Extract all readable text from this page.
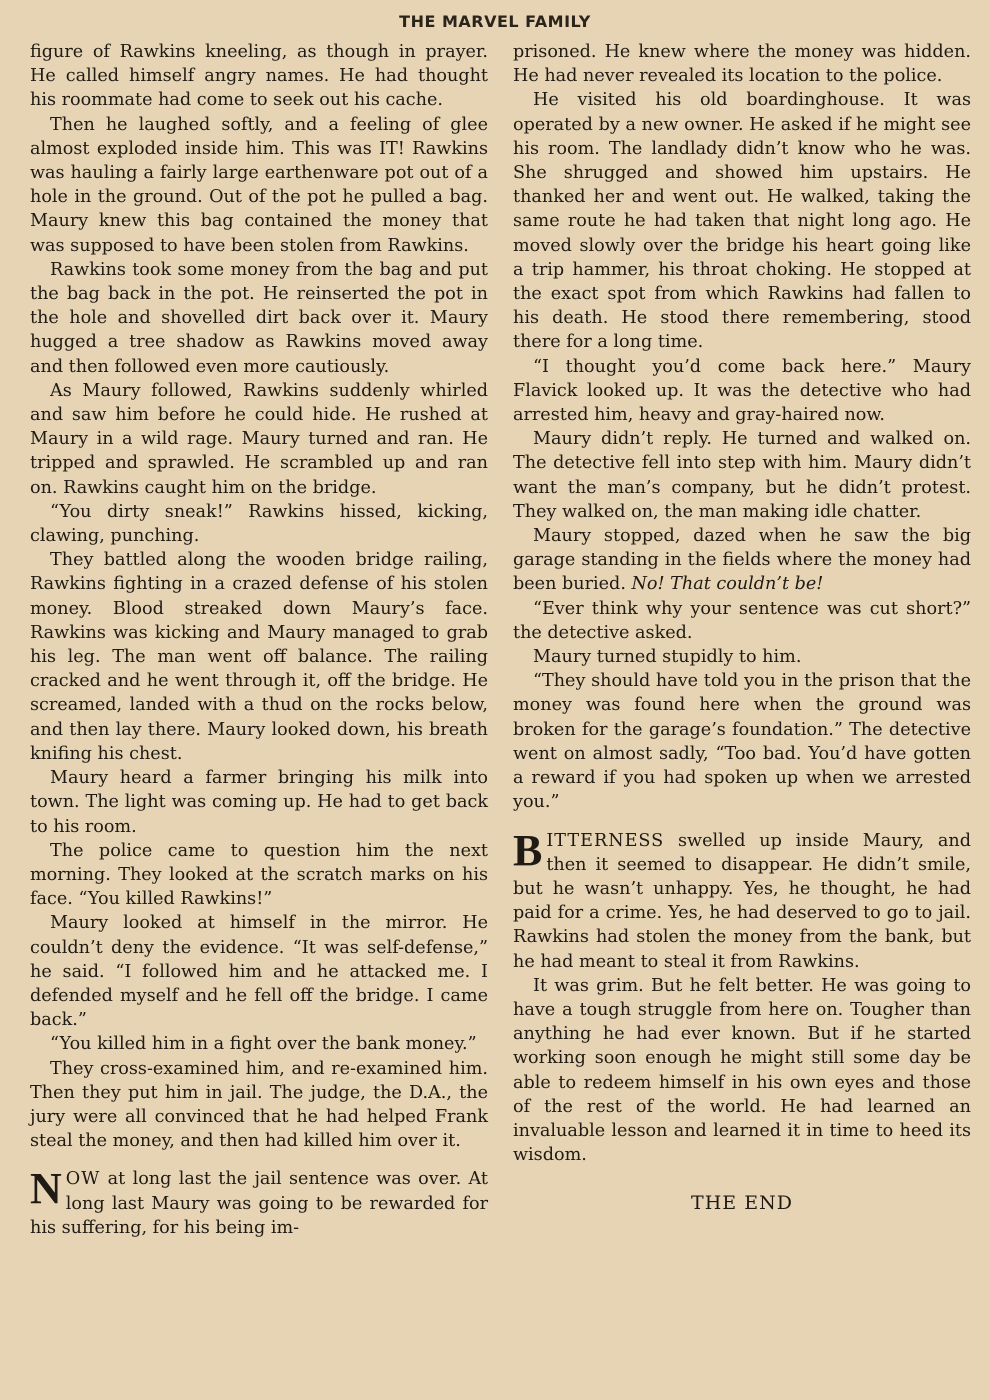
THE MARVEL FAMILY

figure of Rawkins kneeling, as though in prayer. He called himself angry names. He had thought his roommate had come to seek out his cache.

Then he laughed softly, and a feeling of glee almost exploded inside him. This was IT! Rawkins was hauling a fairly large earthenware pot out of a hole in the ground. Out of the pot he pulled a bag. Maury knew this bag contained the money that was supposed to have been stolen from Rawkins.

Rawkins took some money from the bag and put the bag back in the pot. He reinserted the pot in the hole and shovelled dirt back over it. Maury hugged a tree shadow as Rawkins moved away and then followed even more cautiously.

As Maury followed, Rawkins suddenly whirled and saw him before he could hide. He rushed at Maury in a wild rage. Maury turned and ran. He tripped and sprawled. He scrambled up and ran on. Rawkins caught him on the bridge.

“You dirty sneak!” Rawkins hissed, kicking, clawing, punching.

They battled along the wooden bridge railing, Rawkins fighting in a crazed defense of his stolen money. Blood streaked down Maury’s face. Rawkins was kicking and Maury managed to grab his leg. The man went off balance. The railing cracked and he went through it, off the bridge. He screamed, landed with a thud on the rocks below, and then lay there. Maury looked down, his breath knifing his chest.

Maury heard a farmer bringing his milk into town. The light was coming up. He had to get back to his room.

The police came to question him the next morning. They looked at the scratch marks on his face. “You killed Rawkins!”

Maury looked at himself in the mirror. He couldn’t deny the evidence. “It was self-defense,” he said. “I followed him and he attacked me. I defended myself and he fell off the bridge. I came back.”

“You killed him in a fight over the bank money.”

They cross-examined him, and re-examined him. Then they put him in jail. The judge, the D.A., the jury were all convinced that he had helped Frank steal the money, and then had killed him over it.

NOW at long last the jail sentence was over. At long last Maury was going to be rewarded for his suffering, for his being im-

prisoned. He knew where the money was hidden. He had never revealed its location to the police.

He visited his old boardinghouse. It was operated by a new owner. He asked if he might see his room. The landlady didn’t know who he was. She shrugged and showed him upstairs. He thanked her and went out. He walked, taking the same route he had taken that night long ago. He moved slowly over the bridge his heart going like a trip hammer, his throat choking. He stopped at the exact spot from which Rawkins had fallen to his death. He stood there remembering, stood there for a long time.

“I thought you’d come back here.” Maury Flavick looked up. It was the detective who had arrested him, heavy and gray-haired now.

Maury didn’t reply. He turned and walked on. The detective fell into step with him. Maury didn’t want the man’s company, but he didn’t protest. They walked on, the man making idle chatter.

Maury stopped, dazed when he saw the big garage standing in the fields where the money had been buried. No! That couldn’t be!

“Ever think why your sentence was cut short?” the detective asked.

Maury turned stupidly to him.

“They should have told you in the prison that the money was found here when the ground was broken for the garage’s foundation.” The detective went on almost sadly, “Too bad. You’d have gotten a reward if you had spoken up when we arrested you.”

BITTERNESS swelled up inside Maury, and then it seemed to disappear. He didn’t smile, but he wasn’t unhappy. Yes, he thought, he had paid for a crime. Yes, he had deserved to go to jail. Rawkins had stolen the money from the bank, but he had meant to steal it from Rawkins.

It was grim. But he felt better. He was going to have a tough struggle from here on. Tougher than anything he had ever known. But if he started working soon enough he might still some day be able to redeem himself in his own eyes and those of the rest of the world. He had learned an invaluable lesson and learned it in time to heed its wisdom.

THE END
